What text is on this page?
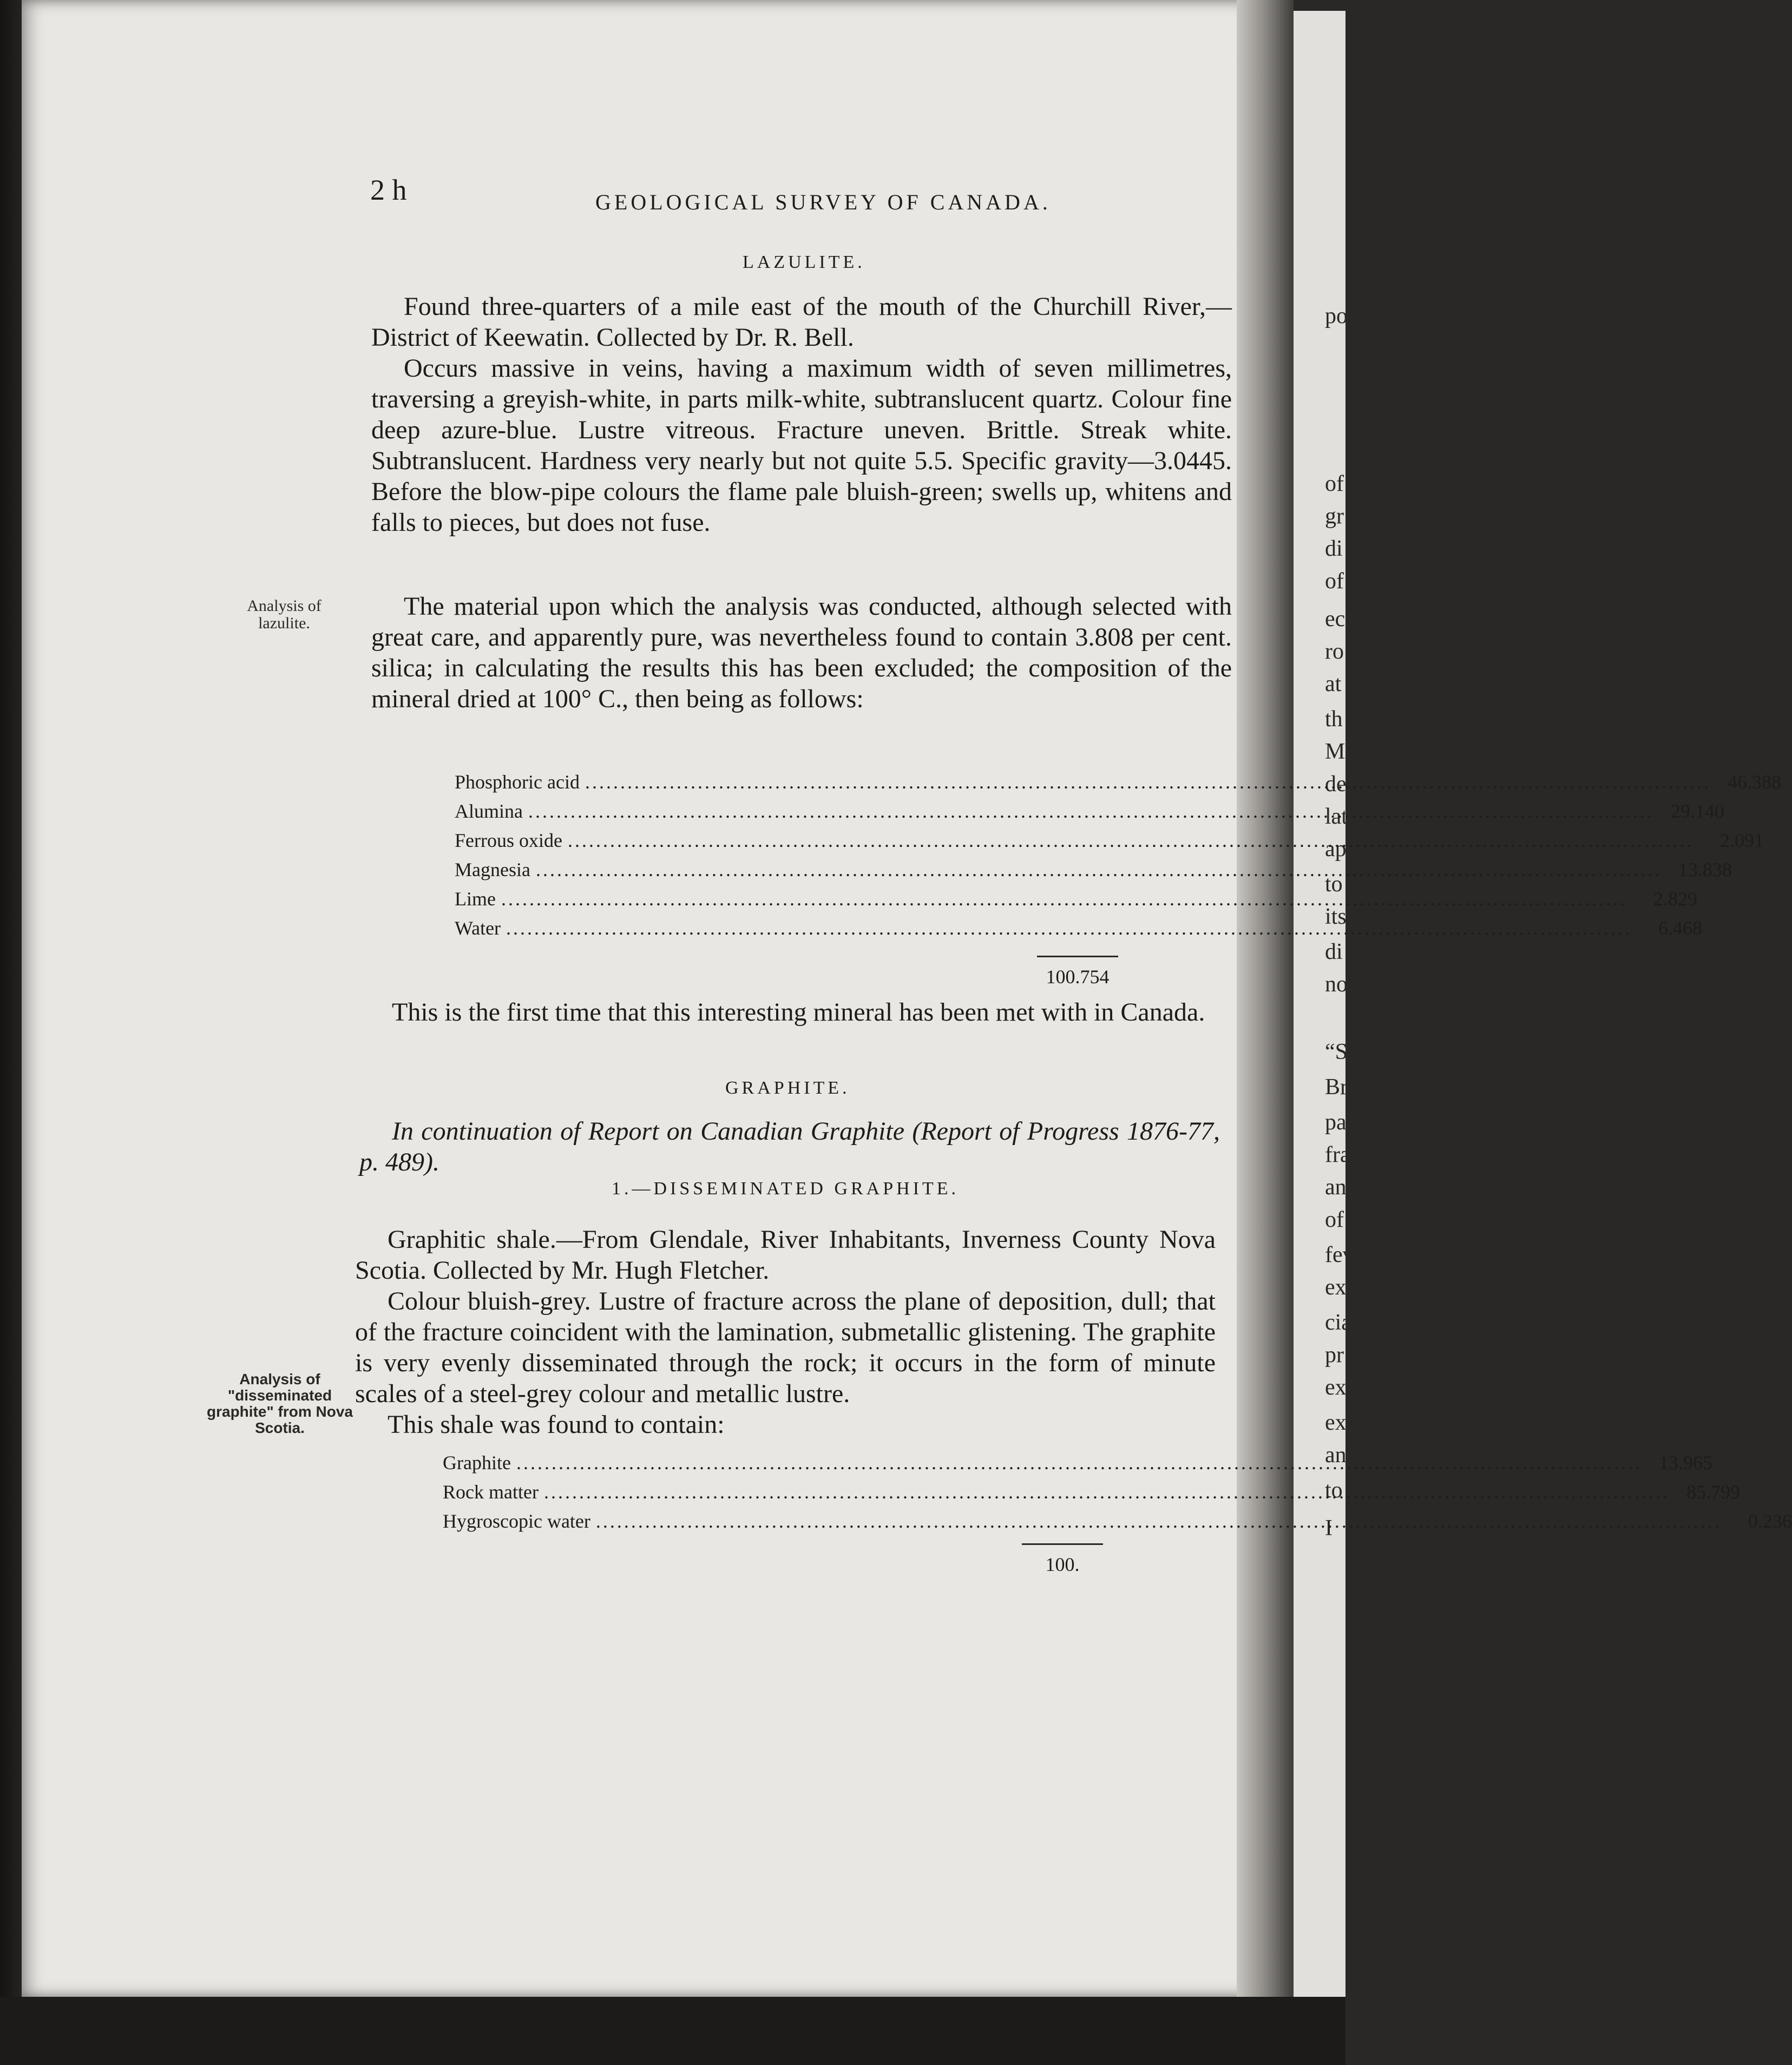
po
of
gr
di
of
ec
ro
at
th
Mi
de
lat
ap
to
its
di
no
“S
Br
pa
fra
an
of
fev
ext
cia
pr
ex
exl
ana
to
I
2 h	GEOLOGICAL SURVEY OF CANADA.
LAZULITE.
Found three-quarters of a mile east of the mouth of the Churchill River,—District of Keewatin. Collected by Dr. R. Bell.
Occurs massive in veins, having a maximum width of seven millimetres, traversing a greyish-white, in parts milk-white, subtranslucent quartz. Colour fine deep azure-blue. Lustre vitreous. Fracture uneven. Brittle. Streak white. Subtranslucent. Hardness very nearly but not quite 5.5. Specific gravity—3.0445. Before the blow-pipe colours the flame pale bluish-green; swells up, whitens and falls to pieces, but does not fuse.
Analysis of lazulite.
The material upon which the analysis was conducted, although selected with great care, and apparently pure, was nevertheless found to contain 3.808 per cent. silica; in calculating the results this has been excluded; the composition of the mineral dried at 100° C., then being as follows:
Phosphoric acid .....	46.388
Alumina .....	29.140
Ferrous oxide .....	2.091
Magnesia .....	13.838
Lime .....	2.829
Water .....	6.468
100.754
This is the first time that this interesting mineral has been met with in Canada.
GRAPHITE.
In continuation of Report on Canadian Graphite (Report of Progress 1876-77, p. 489).
1.—DISSEMINATED GRAPHITE.
Graphitic shale.—From Glendale, River Inhabitants, Inverness County Nova Scotia. Collected by Mr. Hugh Fletcher.
Colour bluish-grey. Lustre of fracture across the plane of deposition, dull; that of the fracture coincident with the lamination, submetallic glistening. The graphite is very evenly disseminated through the rock; it occurs in the form of minute scales of a steel-grey colour and metallic lustre.
Analysis of "disseminated graphite" from Nova Scotia.	This shale was found to contain:
Graphite .....	13.965
Rock matter .....	85.799
Hygroscopic water .....	0.236
100.
